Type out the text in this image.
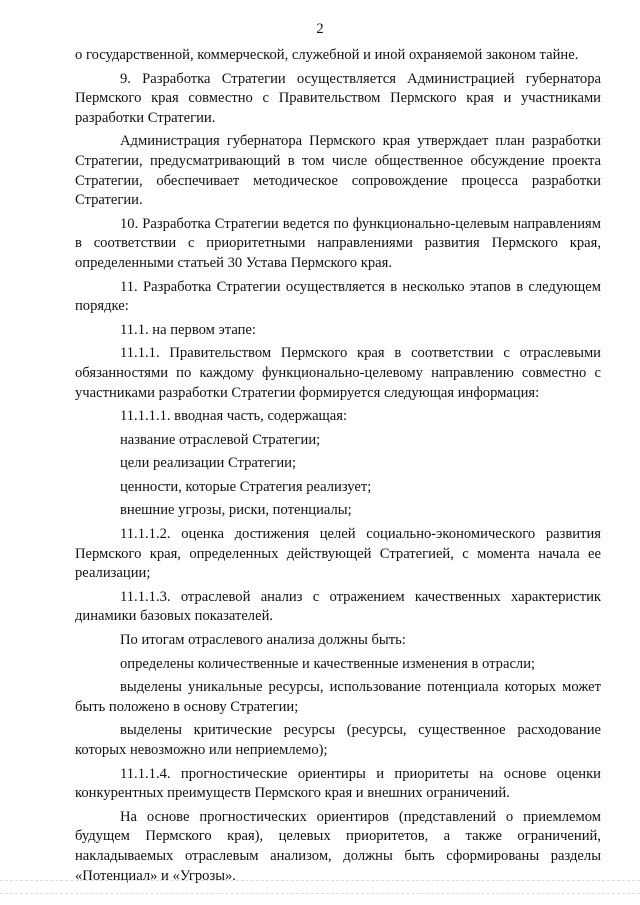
2

о государственной, коммерческой, служебной и иной охраняемой законом тайне.

9. Разработка Стратегии осуществляется Администрацией губернатора Пермского края совместно с Правительством Пермского края и участниками разработки Стратегии.

Администрация губернатора Пермского края утверждает план разработки Стратегии, предусматривающий в том числе общественное обсуждение проекта Стратегии, обеспечивает методическое сопровождение процесса разработки Стратегии.

10. Разработка Стратегии ведется по функционально-целевым направлениям в соответствии с приоритетными направлениями развития Пермского края, определенными статьей 30 Устава Пермского края.

11. Разработка Стратегии осуществляется в несколько этапов в следующем порядке:

11.1. на первом этапе:

11.1.1. Правительством Пермского края в соответствии с отраслевыми обязанностями по каждому функционально-целевому направлению совместно с участниками разработки Стратегии формируется следующая информация:

11.1.1.1. вводная часть, содержащая:

название отраслевой Стратегии;

цели реализации Стратегии;

ценности, которые Стратегия реализует;

внешние угрозы, риски, потенциалы;

11.1.1.2. оценка достижения целей социально-экономического развития Пермского края, определенных действующей Стратегией, с момента начала ее реализации;

11.1.1.3. отраслевой анализ с отражением качественных характеристик динамики базовых показателей.

По итогам отраслевого анализа должны быть:

определены количественные и качественные изменения в отрасли;

выделены уникальные ресурсы, использование потенциала которых может быть положено в основу Стратегии;

выделены критические ресурсы (ресурсы, существенное расходование которых невозможно или неприемлемо);

11.1.1.4. прогностические ориентиры и приоритеты на основе оценки конкурентных преимуществ Пермского края и внешних ограничений.

На основе прогностических ориентиров (представлений о приемлемом будущем Пермского края), целевых приоритетов, а также ограничений, накладываемых отраслевым анализом, должны быть сформированы разделы «Потенциал» и «Угрозы».
